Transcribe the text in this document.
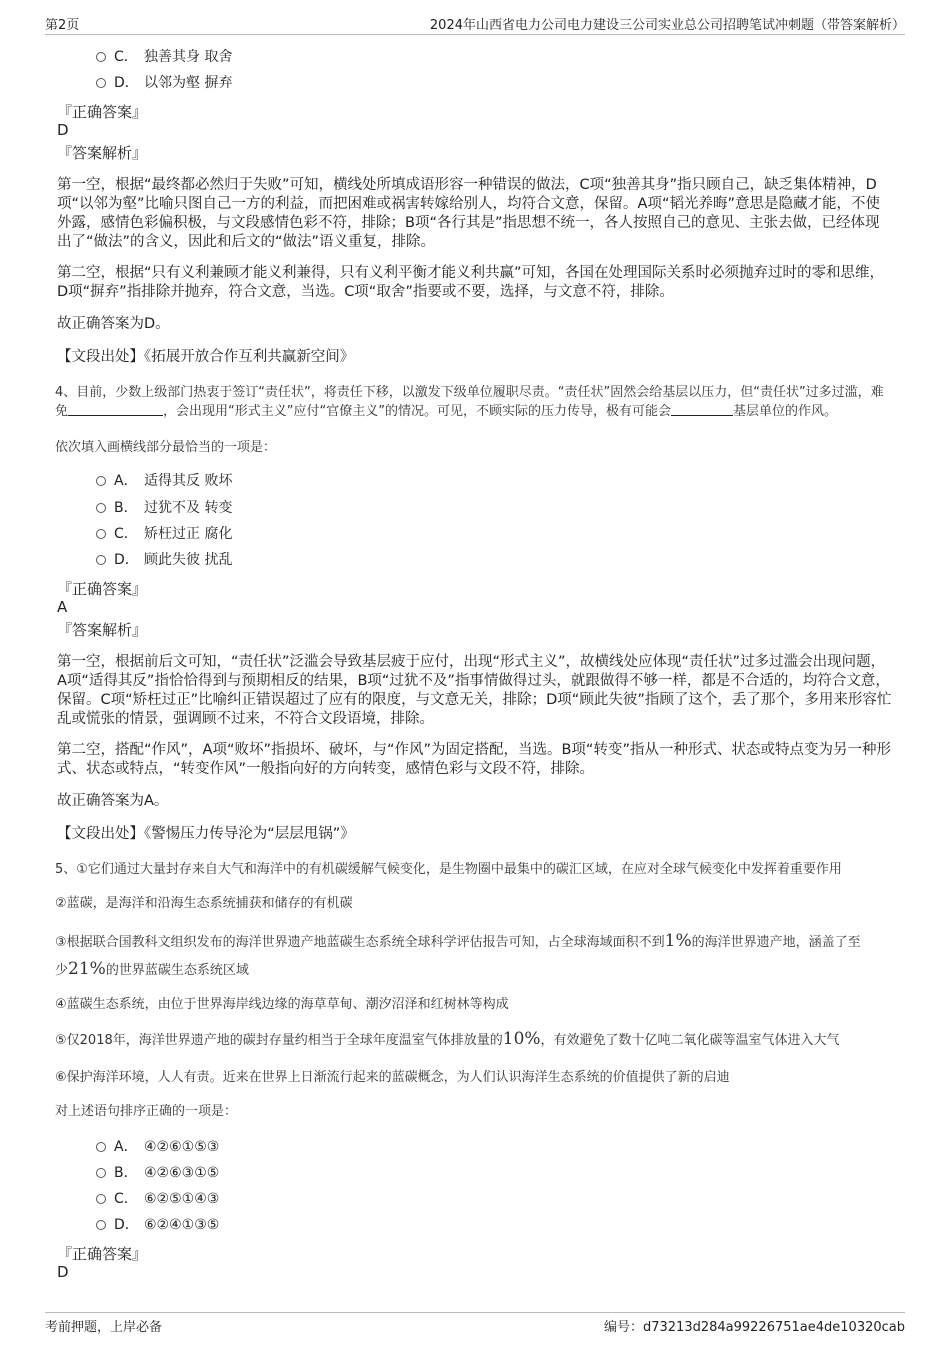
第2页	2024年山西省电力公司电力建设三公司实业总公司招聘笔试冲刺题（带答案解析）
C． 独善其身 取舍
D． 以邻为壑 摒弃
『正确答案』
D
『答案解析』
第一空，根据“最终都必然归于失败”可知，横线处所填成语形容一种错误的做法，C项“独善其身”指只顾自己，缺乏集体精神，D项“以邻为壑”比喻只图自己一方的利益，而把困难或祸害转嫁给别人，均符合文意，保留。A项“韬光养晦”意思是隐藏才能，不使外露，感情色彩偏积极，与文段感情色彩不符，排除；B项“各行其是”指思想不统一，各人按照自己的意见、主张去做，已经体现出了“做法”的含义，因此和后文的“做法”语义重复，排除。
第二空，根据“只有义利兼顾才能义利兼得，只有义利平衡才能义利共赢”可知，各国在处理国际关系时必须抛弃过时的零和思维，D项“摒弃”指排除并抛弃，符合文意，当选。C项“取舍”指要或不要，选择，与文意不符，排除。
故正确答案为D。
【文段出处】《拓展开放合作互利共赢新空间》
4、目前，少数上级部门热衷于签订“责任状”，将责任下移，以激发下级单位履职尽责。“责任状”固然会给基层以压力，但“责任状”过多过滥，难免	，会出现用“形式主义”应付“官僚主义”的情况。可见，不顾实际的压力传导，极有可能会	基层单位的作风。
依次填入画横线部分最恰当的一项是：
A． 适得其反 败坏
B． 过犹不及 转变
C． 矫枉过正 腐化
D． 顾此失彼 扰乱
『正确答案』
A
『答案解析』
第一空，根据前后文可知，“责任状”泛滥会导致基层疲于应付，出现“形式主义”，故横线处应体现“责任状”过多过滥会出现问题，A项“适得其反”指恰恰得到与预期相反的结果，B项“过犹不及”指事情做得过头，就跟做得不够一样，都是不合适的，均符合文意，保留。C项“矫枉过正”比喻纠正错误超过了应有的限度，与文意无关，排除；D项“顾此失彼”指顾了这个，丢了那个，多用来形容忙乱或慌张的情景，强调顾不过来，不符合文段语境，排除。
第二空，搭配“作风”，A项“败坏”指损坏、破坏，与“作风”为固定搭配，当选。B项“转变”指从一种形式、状态或特点变为另一种形式、状态或特点，“转变作风”一般指向好的方向转变，感情色彩与文段不符，排除。
故正确答案为A。
【文段出处】《警惕压力传导沦为“层层甩锅”》
5、①它们通过大量封存来自大气和海洋中的有机碳缓解气候变化，是生物圈中最集中的碳汇区域，在应对全球气候变化中发挥着重要作用
②蓝碳，是海洋和沿海生态系统捕获和储存的有机碳
③根据联合国教科文组织发布的海洋世界遗产地蓝碳生态系统全球科学评估报告可知，占全球海域面积不到1%的海洋世界遗产地，涵盖了至
少21%的世界蓝碳生态系统区域
④蓝碳生态系统，由位于世界海岸线边缘的海草草甸、潮汐沼泽和红树林等构成
⑤仅2018年，海洋世界遗产地的碳封存量约相当于全球年度温室气体排放量的10%，有效避免了数十亿吨二氧化碳等温室气体进入大气
⑥保护海洋环境，人人有责。近来在世界上日渐流行起来的蓝碳概念，为人们认识海洋生态系统的价值提供了新的启迪
对上述语句排序正确的一项是：
A． ④②⑥①⑤③
B． ④②⑥③①⑤
C． ⑥②⑤①④③
D． ⑥②④①③⑤
『正确答案』
D
考前押题，上岸必备	编号：d73213d284a99226751ae4de10320cab
